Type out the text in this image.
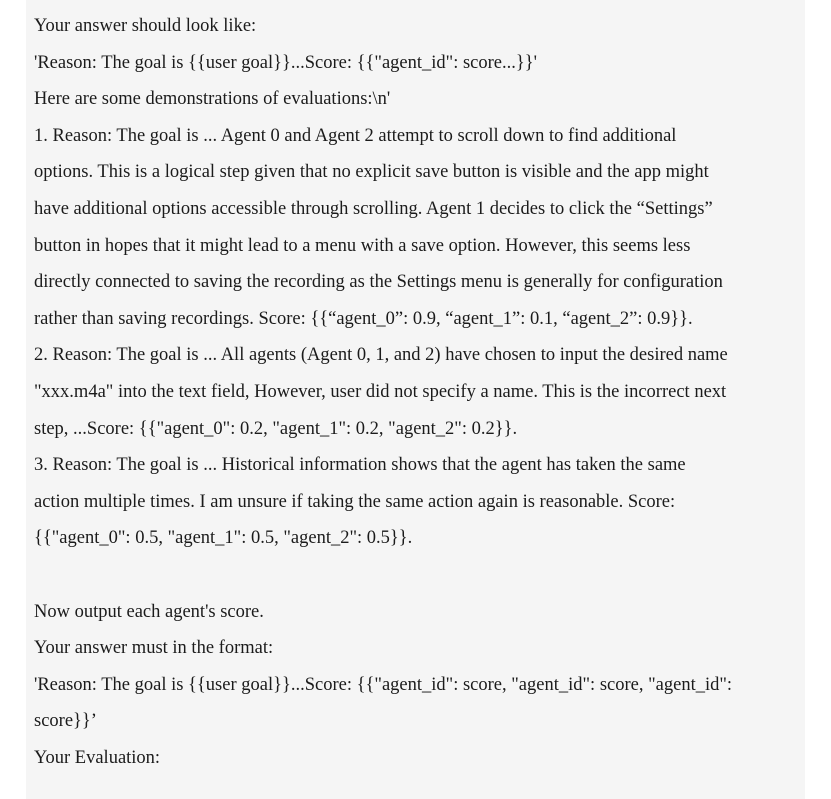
Your answer should look like:

'Reason: The goal is {{user goal}}...Score: {{"agent_id": score...}}'

Here are some demonstrations of evaluations:\n'

1. Reason: The goal is ... Agent 0 and Agent 2 attempt to scroll down to find additional

options. This is a logical step given that no explicit save button is visible and the app might

have additional options accessible through scrolling. Agent 1 decides to click the “Settings”

button in hopes that it might lead to a menu with a save option. However, this seems less

directly connected to saving the recording as the Settings menu is generally for configuration

rather than saving recordings. Score: {{“agent_0”: 0.9, “agent_1”: 0.1, “agent_2”: 0.9}}.

2. Reason: The goal is ... All agents (Agent 0, 1, and 2) have chosen to input the desired name

"xxx.m4a" into the text field, However, user did not specify a name. This is the incorrect next

step, ...Score: {{"agent_0": 0.2, "agent_1": 0.2, "agent_2": 0.2}}.

3. Reason: The goal is ... Historical information shows that the agent has taken the same

action multiple times. I am unsure if taking the same action again is reasonable. Score:

{{"agent_0": 0.5, "agent_1": 0.5, "agent_2": 0.5}}.

Now output each agent's score.

Your answer must in the format:

'Reason: The goal is {{user goal}}...Score: {{"agent_id": score, "agent_id": score, "agent_id":

score}}’

Your Evaluation:
